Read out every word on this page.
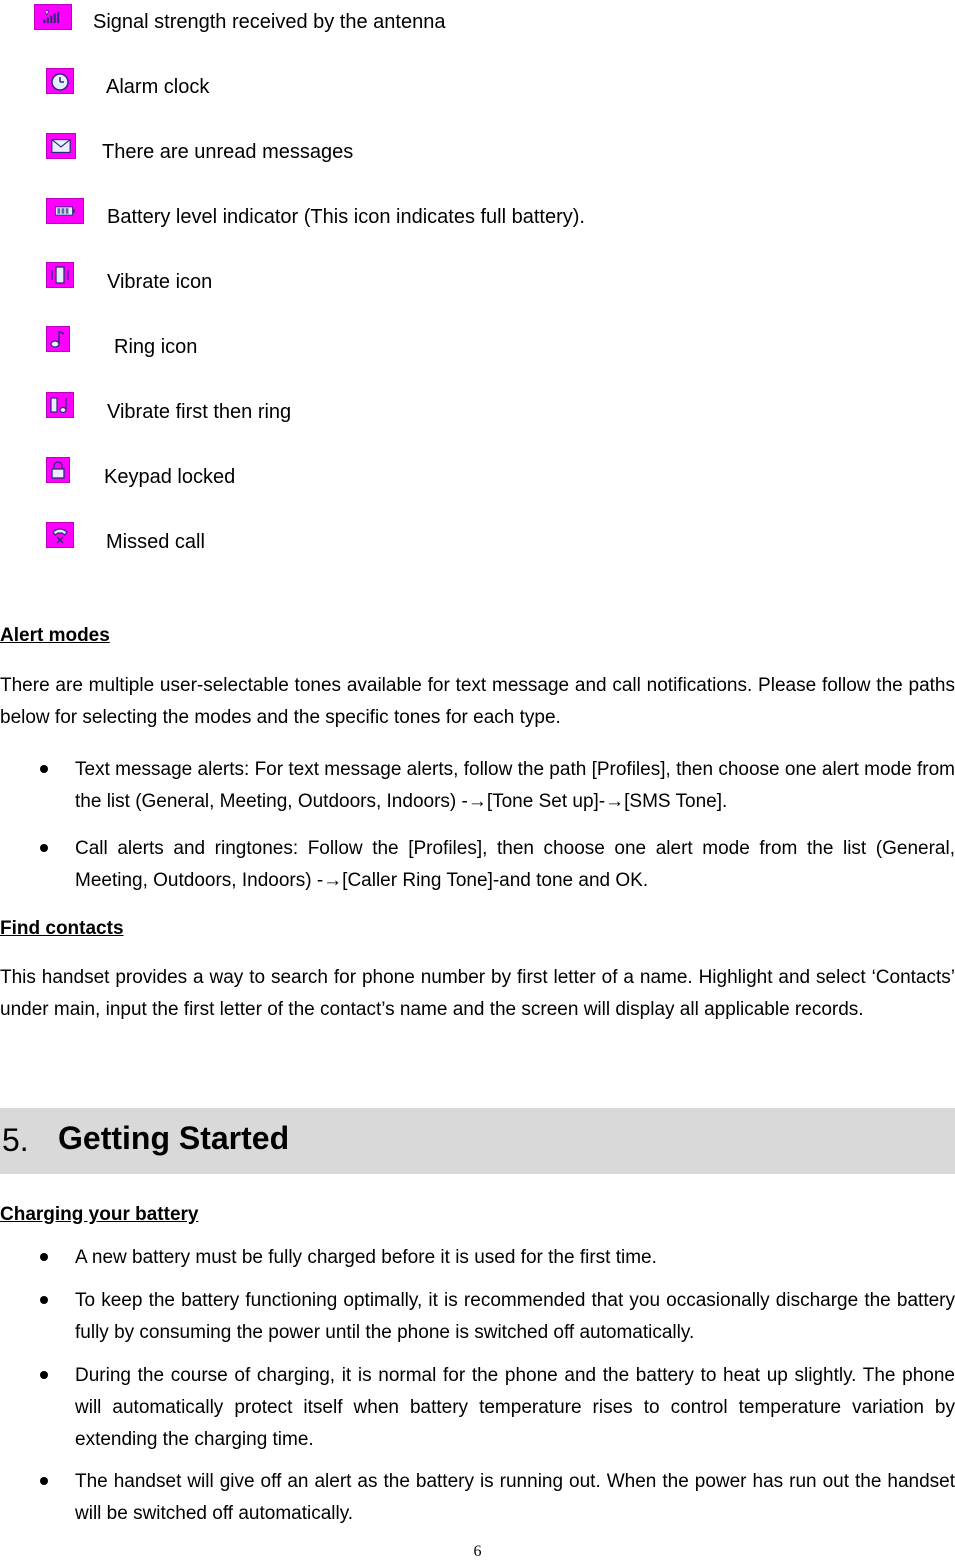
Signal strength received by the antenna
Alarm clock
There are unread messages
Battery level indicator (This icon indicates full battery).
Vibrate icon
Ring icon
Vibrate first then ring
Keypad locked
Missed call
Alert modes

There are multiple user-selectable tones available for text message and call notifications. Please follow the paths below for selecting the modes and the specific tones for each type.

Text message alerts: For text message alerts, follow the path [Profiles], then choose one alert mode from the list (General, Meeting, Outdoors, Indoors) -→[Tone Set up]-→[SMS Tone].

Call alerts and ringtones: Follow the [Profiles], then choose one alert mode from the list (General, Meeting, Outdoors, Indoors) -→[Caller Ring Tone]-and tone and OK.

Find contacts

This handset provides a way to search for phone number by first letter of a name. Highlight and select ‘Contacts’ under main, input the first letter of the contact’s name and the screen will display all applicable records.

5. Getting Started
Charging your battery

A new battery must be fully charged before it is used for the first time.

To keep the battery functioning optimally, it is recommended that you occasionally discharge the battery fully by consuming the power until the phone is switched off automatically.

During the course of charging, it is normal for the phone and the battery to heat up slightly. The phone will automatically protect itself when battery temperature rises to control temperature variation by extending the charging time.

The handset will give off an alert as the battery is running out. When the power has run out the handset will be switched off automatically.

6
